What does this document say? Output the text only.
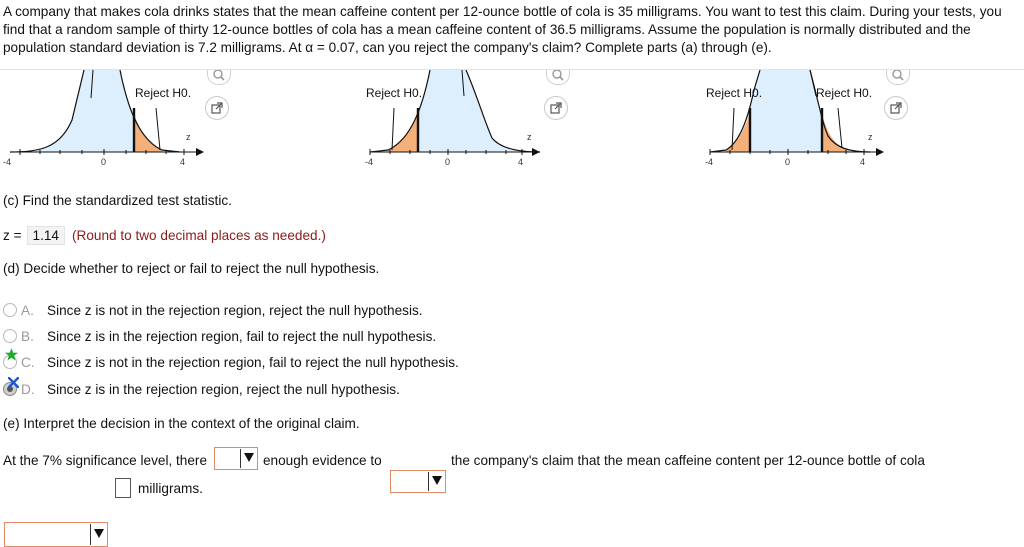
A company that makes cola drinks states that the mean caffeine content per 12-ounce bottle of cola is 35 milligrams. You want to test this claim. During your tests, you
find that a random sample of thirty 12-ounce bottles of cola has a mean caffeine content of 36.5 milligrams. Assume the population is normally distributed and the
population standard deviation is 7.2 milligrams. At α = 0.07, can you reject the company's claim? Complete parts (a) through (e).
-4	0	4
z
Reject H0.
-4	0	4
z
Reject H0.
-4	0	4
z
Reject H0.	Reject H0.
(c) Find the standardized test statistic.
z = 1.14 (Round to two decimal places as needed.)
(d) Decide whether to reject or fail to reject the null hypothesis.
A. Since z is not in the rejection region, reject the null hypothesis.
B. Since z is in the rejection region, fail to reject the null hypothesis.
C. Since z is not in the rejection region, fail to reject the null hypothesis.
D. Since z is in the rejection region, reject the null hypothesis.
(e) Interpret the decision in the context of the original claim.
At the 7% significance level, there	enough evidence to	the company's claim that the mean caffeine content per 12-ounce bottle of cola
milligrams.
